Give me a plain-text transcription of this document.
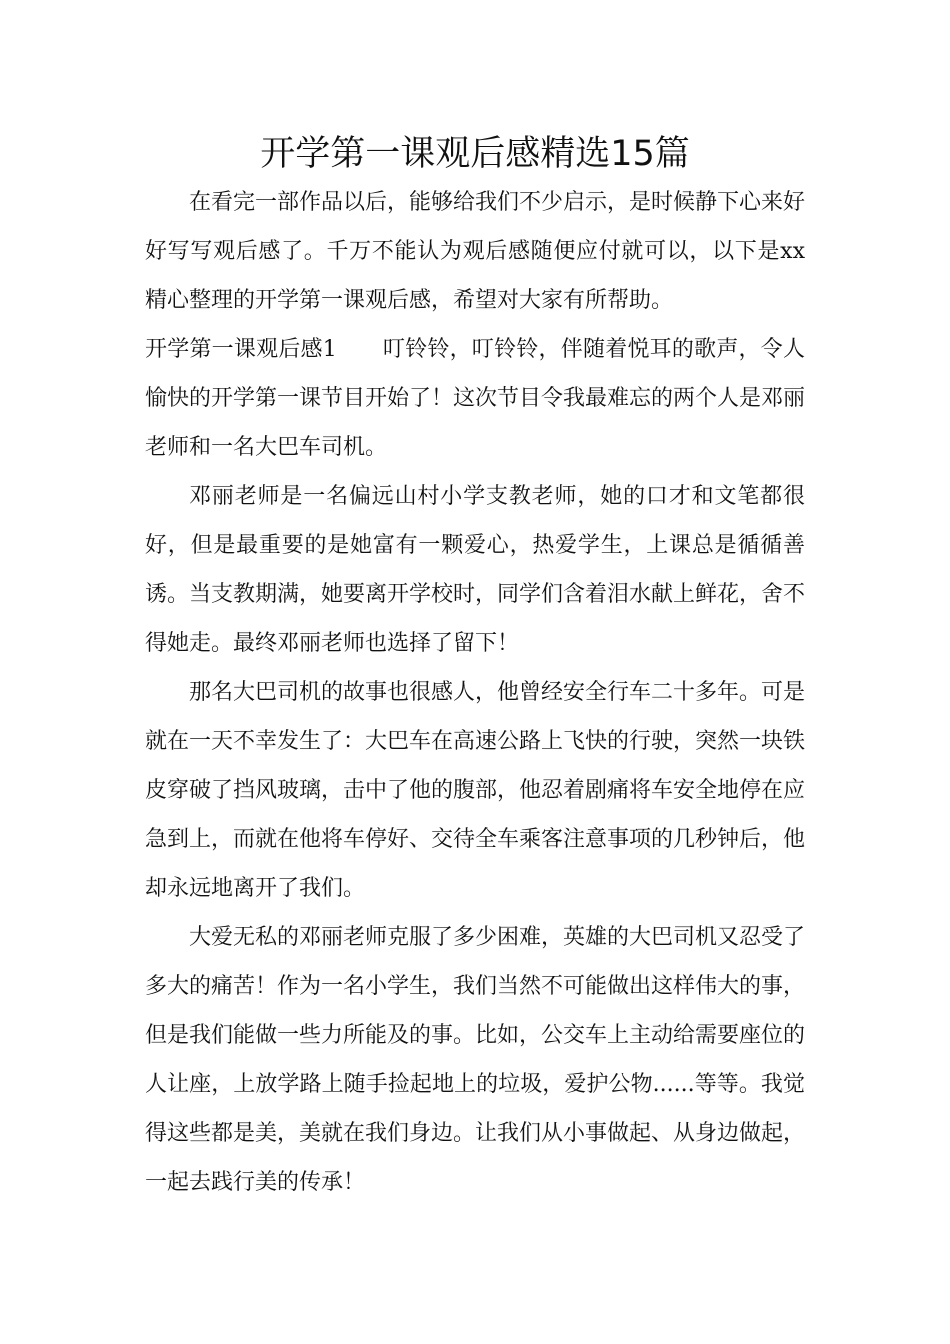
开学第一课观后感精选15篇

在看完一部作品以后，能够给我们不少启示，是时候静下心来好好写写观后感了。千万不能认为观后感随便应付就可以，以下是xx精心整理的开学第一课观后感，希望对大家有所帮助。

开学第一课观后感1 叮铃铃，叮铃铃，伴随着悦耳的歌声，令人愉快的开学第一课节目开始了！这次节目令我最难忘的两个人是邓丽老师和一名大巴车司机。

邓丽老师是一名偏远山村小学支教老师，她的口才和文笔都很好，但是最重要的是她富有一颗爱心，热爱学生，上课总是循循善诱。当支教期满，她要离开学校时，同学们含着泪水献上鲜花，舍不得她走。最终邓丽老师也选择了留下！

那名大巴司机的故事也很感人，他曾经安全行车二十多年。可是就在一天不幸发生了：大巴车在高速公路上飞快的行驶，突然一块铁皮穿破了挡风玻璃，击中了他的腹部，他忍着剧痛将车安全地停在应急到上，而就在他将车停好、交待全车乘客注意事项的几秒钟后，他却永远地离开了我们。

大爱无私的邓丽老师克服了多少困难，英雄的大巴司机又忍受了多大的痛苦！作为一名小学生，我们当然不可能做出这样伟大的事，但是我们能做一些力所能及的事。比如，公交车上主动给需要座位的人让座，上放学路上随手捡起地上的垃圾，爱护公物......等等。我觉得这些都是美，美就在我们身边。让我们从小事做起、从身边做起，一起去践行美的传承！
